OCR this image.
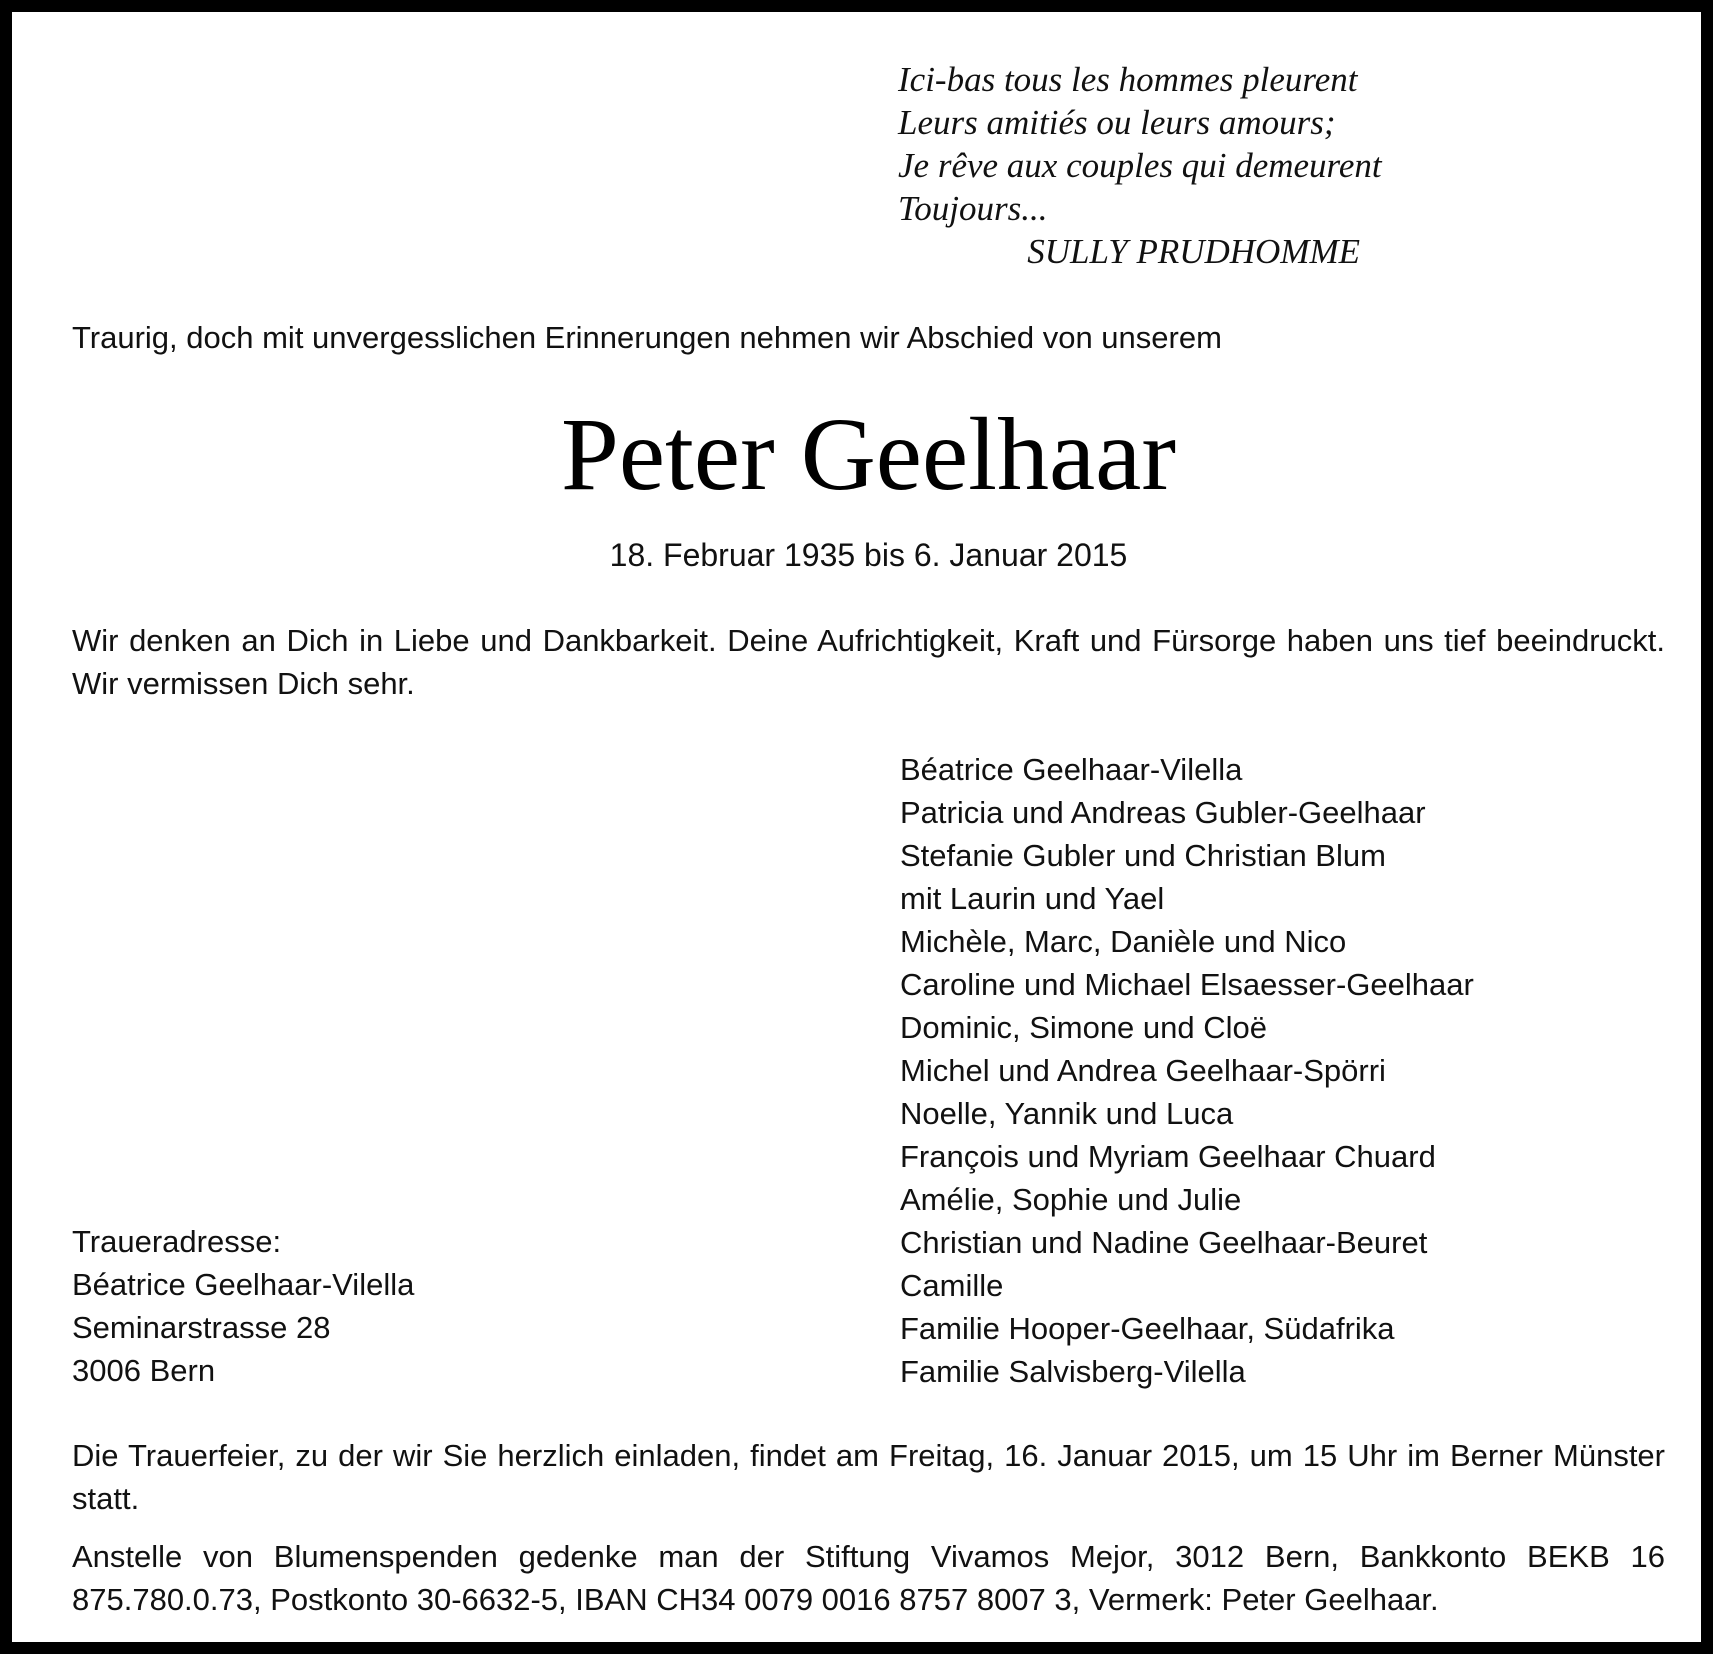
Ici-bas tous les hommes pleurent
Leurs amitiés ou leurs amours;
Je rêve aux couples qui demeurent
Toujours...
SULLY PRUDHOMME
Traurig, doch mit unvergesslichen Erinnerungen nehmen wir Abschied von unserem
Peter Geelhaar
18. Februar 1935 bis 6. Januar 2015
Wir denken an Dich in Liebe und Dankbarkeit. Deine Aufrichtigkeit, Kraft und Fürsorge haben uns tief beeindruckt. Wir vermissen Dich sehr.
Béatrice Geelhaar-Vilella
Patricia und Andreas Gubler-Geelhaar
Stefanie Gubler und Christian Blum
mit Laurin und Yael
Michèle, Marc, Danièle und Nico
Caroline und Michael Elsaesser-Geelhaar
Dominic, Simone und Cloë
Michel und Andrea Geelhaar-Spörri
Noelle, Yannik und Luca
François und Myriam Geelhaar Chuard
Amélie, Sophie und Julie
Christian und Nadine Geelhaar-Beuret
Camille
Familie Hooper-Geelhaar, Südafrika
Familie Salvisberg-Vilella
Traueradresse:
Béatrice Geelhaar-Vilella
Seminarstrasse 28
3006 Bern
Die Trauerfeier, zu der wir Sie herzlich einladen, findet am Freitag, 16. Januar 2015, um 15 Uhr im Berner Münster statt.
Anstelle von Blumenspenden gedenke man der Stiftung Vivamos Mejor, 3012 Bern, Bankkonto BEKB 16 875.780.0.73, Postkonto 30-6632-5, IBAN CH34 0079 0016 8757 8007 3, Vermerk: Peter Geelhaar.
